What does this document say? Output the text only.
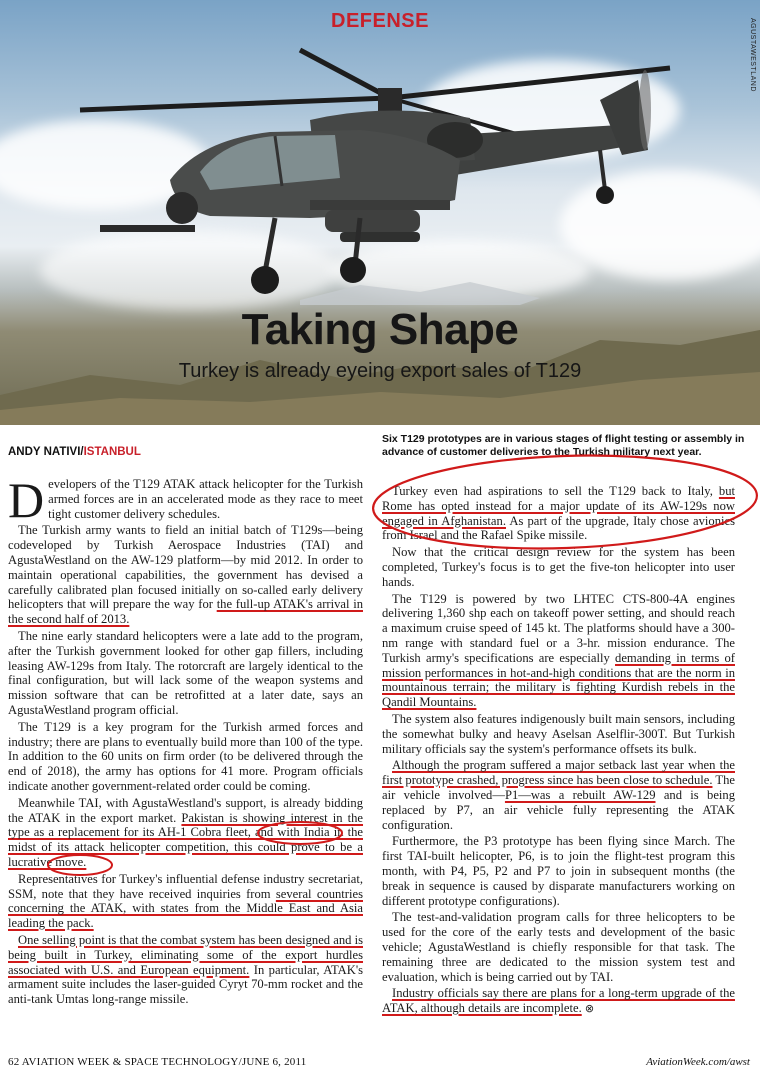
DEFENSE	AGUSTAWESTLAND
Taking Shape
Turkey is already eyeing export sales of T129
ANDY NATIVI/ISTANBUL
Six T129 prototypes are in various stages of flight testing or assembly in advance of customer deliveries to the Turkish military next year.

Developers of the T129 ATAK attack helicopter for the Turkish armed forces are in an accelerated mode as they race to meet tight customer delivery schedules.

The Turkish army wants to field an initial batch of T129s—being codeveloped by Turkish Aerospace Industries (TAI) and AgustaWestland on the AW-129 platform—by mid 2012. In order to maintain operational capabilities, the government has devised a carefully calibrated plan focused initially on so-called early delivery helicopters that will prepare the way for the full-up ATAK's arrival in the second half of 2013.

The nine early standard helicopters were a late add to the program, after the Turkish government looked for other gap fillers, including leasing AW-129s from Italy. The rotorcraft are largely identical to the final configuration, but will lack some of the weapon systems and mission software that can be retrofitted at a later date, says an AgustaWestland program official.

The T129 is a key program for the Turkish armed forces and industry; there are plans to eventually build more than 100 of the type. In addition to the 60 units on firm order (to be delivered through the end of 2018), the army has options for 41 more. Program officials indicate another government-related order could be coming.

Meanwhile TAI, with AgustaWestland's support, is already bidding the ATAK in the export market. Pakistan is showing interest in the type as a replacement for its AH-1 Cobra fleet, and with India in the midst of its attack helicopter competition, this could prove to be a lucrative move.

Representatives for Turkey's influential defense industry secretariat, SSM, note that they have received inquiries from several countries concerning the ATAK, with states from the Middle East and Asia leading the pack.

One selling point is that the combat system has been designed and is being built in Turkey, eliminating some of the export hurdles associated with U.S. and European equipment. In particular, ATAK's armament suite includes the laser-guided Cyryt 70-mm rocket and the anti-tank Umtas long-range missile.

Turkey even had aspirations to sell the T129 back to Italy, but Rome has opted instead for a major update of its AW-129s now engaged in Afghanistan. As part of the upgrade, Italy chose avionics from Israel and the Rafael Spike missile.

Now that the critical design review for the system has been completed, Turkey's focus is to get the five-ton helicopter into user hands.

The T129 is powered by two LHTEC CTS-800-4A engines delivering 1,360 shp each on takeoff power setting, and should reach a maximum cruise speed of 145 kt. The platforms should have a 300-nm range with standard fuel or a 3-hr. mission endurance. The Turkish army's specifications are especially demanding in terms of mission performances in hot-and-high conditions that are the norm in mountainous terrain; the military is fighting Kurdish rebels in the Qandil Mountains.

The system also features indigenously built main sensors, including the somewhat bulky and heavy Aselsan Aselflir-300T. But Turkish military officials say the system's performance offsets its bulk.

Although the program suffered a major setback last year when the first prototype crashed, progress since has been close to schedule. The air vehicle involved—P1—was a rebuilt AW-129 and is being replaced by P7, an air vehicle fully representing the ATAK configuration.

Furthermore, the P3 prototype has been flying since March. The first TAI-built helicopter, P6, is to join the flight-test program this month, with P4, P5, P2 and P7 to join in subsequent months (the break in sequence is caused by disparate manufacturers working on different prototype configurations).

The test-and-validation program calls for three helicopters to be used for the core of the early tests and development of the basic vehicle; AgustaWestland is chiefly responsible for that task. The remaining three are dedicated to the mission system test and evaluation, which is being carried out by TAI.

Industry officials say there are plans for a long-term upgrade of the ATAK, although details are incomplete. ⊗

62 AVIATION WEEK & SPACE TECHNOLOGY/JUNE 6, 2011	AviationWeek.com/awst
